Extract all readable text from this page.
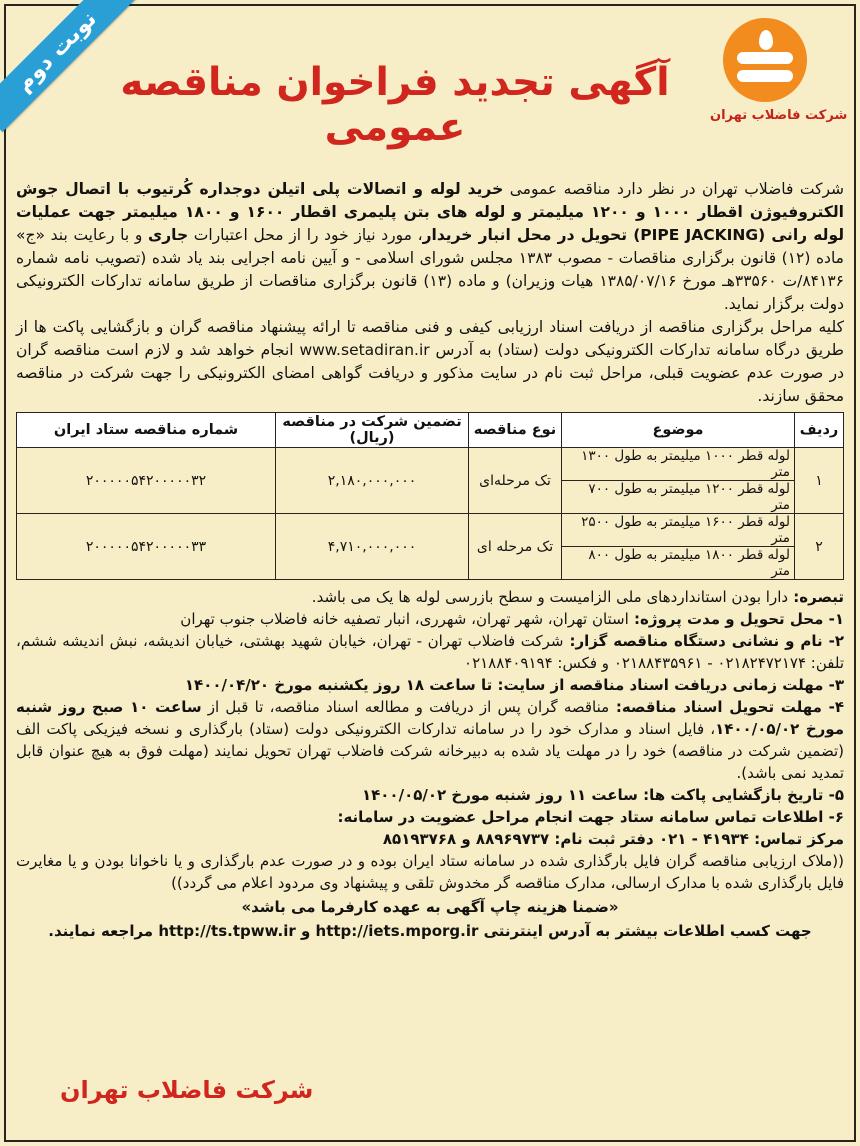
نوبت دوم
شرکت فاضلاب تهران
آگهی تجدید فراخوان مناقصه عمومی

شرکت فاضلاب تهران در نظر دارد مناقصه عمومی خرید لوله و اتصالات پلی اتیلن دوجداره کُرتیوب با اتصال جوش الکتروفیوژن اقطار ۱۰۰۰ و ۱۲۰۰ میلیمتر و لوله های بتن پلیمری اقطار ۱۶۰۰ و ۱۸۰۰ میلیمتر جهت عملیات لوله رانی (PIPE JACKING) تحویل در محل انبار خریدار، مورد نیاز خود را از محل اعتبارات جاری و با رعایت بند «ج» ماده (۱۲) قانون برگزاری مناقصات - مصوب ۱۳۸۳ مجلس شورای اسلامی - و آیین نامه اجرایی بند یاد شده (تصویب نامه شماره ۸۴۱۳۶/ت ۳۳۵۶۰هـ مورخ ۱۳۸۵/۰۷/۱۶ هیات وزیران) و ماده (۱۳) قانون برگزاری مناقصات از طریق سامانه تدارکات الکترونیکی دولت برگزار نماید.

کلیه مراحل برگزاری مناقصه از دریافت اسناد ارزیابی کیفی و فنی مناقصه تا ارائه پیشنهاد مناقصه گران و بازگشایی پاکت ها از طریق درگاه سامانه تدارکات الکترونیکی دولت (ستاد) به آدرس www.setadiran.ir انجام خواهد شد و لازم است مناقصه گران در صورت عدم عضویت قبلی، مراحل ثبت نام در سایت مذکور و دریافت گواهی امضای الکترونیکی را جهت شرکت در مناقصه محقق سازند.

ردیف	موضوع	نوع مناقصه	تضمین شرکت در مناقصه (ریال)	شماره مناقصه ستاد ایران
۱	لوله قطر ۱۰۰۰ میلیمتر به طول ۱۳۰۰ متر	تک مرحله‌ای	۲,۱۸۰,۰۰۰,۰۰۰	۲۰۰۰۰۰۵۴۲۰۰۰۰۰۳۲
	لوله قطر ۱۲۰۰ میلیمتر به طول ۷۰۰ متر			
۲	لوله قطر ۱۶۰۰ میلیمتر به طول ۲۵۰۰ متر	تک مرحله ای	۴,۷۱۰,۰۰۰,۰۰۰	۲۰۰۰۰۰۵۴۲۰۰۰۰۰۳۳
	لوله قطر ۱۸۰۰ میلیمتر به طول ۸۰۰ متر			

تبصره: دارا بودن استانداردهای ملی الزامیست و سطح بازرسی لوله ها یک می باشد.

۱- محل تحویل و مدت پروژه: استان تهران، شهر تهران، شهرری، انبار تصفیه خانه فاضلاب جنوب تهران

۲- نام و نشانی دستگاه مناقصه گزار: شرکت فاضلاب تهران - تهران، خیابان شهید بهشتی، خیابان اندیشه، نبش اندیشه ششم، تلفن: ۰۲۱۸۲۴۷۲۱۷۴ - ۰۲۱۸۸۴۳۵۹۶۱ و فکس: ۰۲۱۸۸۴۰۹۱۹۴

۳- مهلت زمانی دریافت اسناد مناقصه از سایت: تا ساعت ۱۸ روز یکشنبه مورخ ۱۴۰۰/۰۴/۲۰

۴- مهلت تحویل اسناد مناقصه: مناقصه گران پس از دریافت و مطالعه اسناد مناقصه، تا قبل از ساعت ۱۰ صبح روز شنبه مورخ ۱۴۰۰/۰۵/۰۲، فایل اسناد و مدارک خود را در سامانه تدارکات الکترونیکی دولت (ستاد) بارگذاری و نسخه فیزیکی پاکت الف (تضمین شرکت در مناقصه) خود را در مهلت یاد شده به دبیرخانه شرکت فاضلاب تهران تحویل نمایند (مهلت فوق به هیچ عنوان قابل تمدید نمی باشد).

۵- تاریخ بازگشایی پاکت ها: ساعت ۱۱ روز شنبه مورخ ۱۴۰۰/۰۵/۰۲

۶- اطلاعات تماس سامانه ستاد جهت انجام مراحل عضویت در سامانه:

مرکز تماس: ۴۱۹۳۴ - ۰۲۱ دفتر ثبت نام: ۸۸۹۶۹۷۳۷ و ۸۵۱۹۳۷۶۸

((ملاک ارزیابی مناقصه گران فایل بارگذاری شده در سامانه ستاد ایران بوده و در صورت عدم بارگذاری و یا ناخوانا بودن و یا مغایرت فایل بارگذاری شده با مدارک ارسالی، مدارک مناقصه گر مخدوش تلقی و پیشنهاد وی مردود اعلام می گردد))

«ضمنا هزینه چاپ آگهی به عهده کارفرما می باشد»

جهت کسب اطلاعات بیشتر به آدرس اینترنتی http://iets.mporg.ir و http://ts.tpww.ir مراجعه نمایند.

شرکت فاضلاب تهران
